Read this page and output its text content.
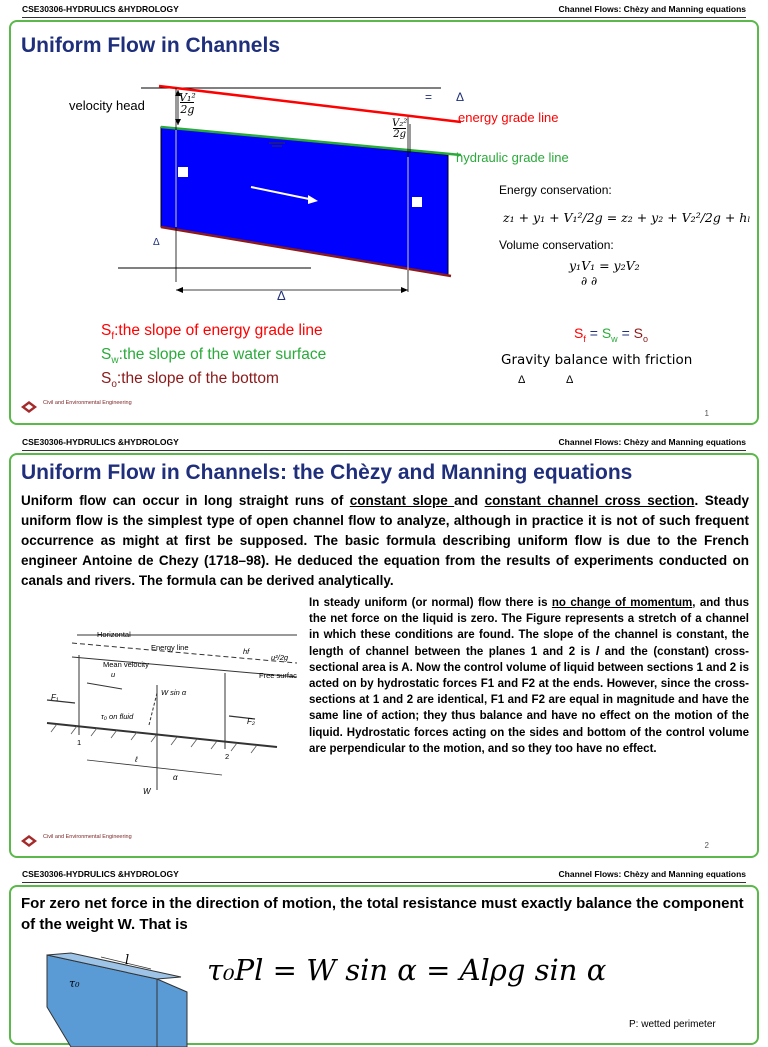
CSE30306-HYDRULICS &HYDROLOGY	Channel Flows: Chèzy and Manning equations
Uniform Flow in Channels
velocity head
V₁²
2g
V₂²
2g
= Δ
energy grade line
hydraulic grade line
Δ
Δ
Energy conservation:
z₁ + y₁ + V₁²/2g = z₂ + y₂ + V₂²/2g + hₗ
Volume conservation:
y₁V₁ = y₂V₂
∂ ∂
$S_f:the$ slope of energy grade line
$S_w:the$ slope of the water surface
$S_o:the$ slope of the bottom
$S_f = S_w = S_o$
Gravity balance with friction
Δ	Δ
Civil and Environmental Engineering
1
CSE30306-HYDRULICS &HYDROLOGY	Channel Flows: Chèzy and Manning equations
Uniform Flow in Channels: the Chèzy and Manning equations
Uniform flow can occur in long straight runs of constant slope and constant channel cross section. Steady uniform flow is the simplest type of open channel flow to analyze, although in practice it is not of such frequent occurrence as might at first be supposed. The basic formula describing uniform flow is due to the French engineer Antoine de Chezy (1718–98). He deduced the equation from the results of experiments conducted on canals and rivers. The formula can be derived analytically.
Horizontal
Energy line
Free surfac
Mean velocity
u
hf
u²/2g
W sin α
τ₀ on fluid
F₁
F₂
1
2
ℓ
W
α
In steady uniform (or normal) flow there is no change of momentum, and thus the net force on the liquid is zero. The Figure represents a stretch of a channel in which these conditions are found. The slope of the channel is constant, the length of channel between the planes 1 and 2 is l and the (constant) cross-sectional area is A. Now the control volume of liquid between sections 1 and 2 is acted on by hydrostatic forces F1 and F2 at the ends. However, since the cross-sections at 1 and 2 are identical, F1 and F2 are equal in magnitude and have the same line of action; they thus balance and have no effect on the motion of the liquid. Hydrostatic forces acting on the sides and bottom of the control volume are perpendicular to the motion, and so they too have no effect.
Civil and Environmental Engineering
2
CSE30306-HYDRULICS &HYDROLOGY	Channel Flows: Chèzy and Manning equations
For zero net force in the direction of motion, the total resistance must exactly balance the component of the weight W. That is
l
τ₀	τ₀Pl = W sin α = Alρg sin α
P: wetted perimeter
